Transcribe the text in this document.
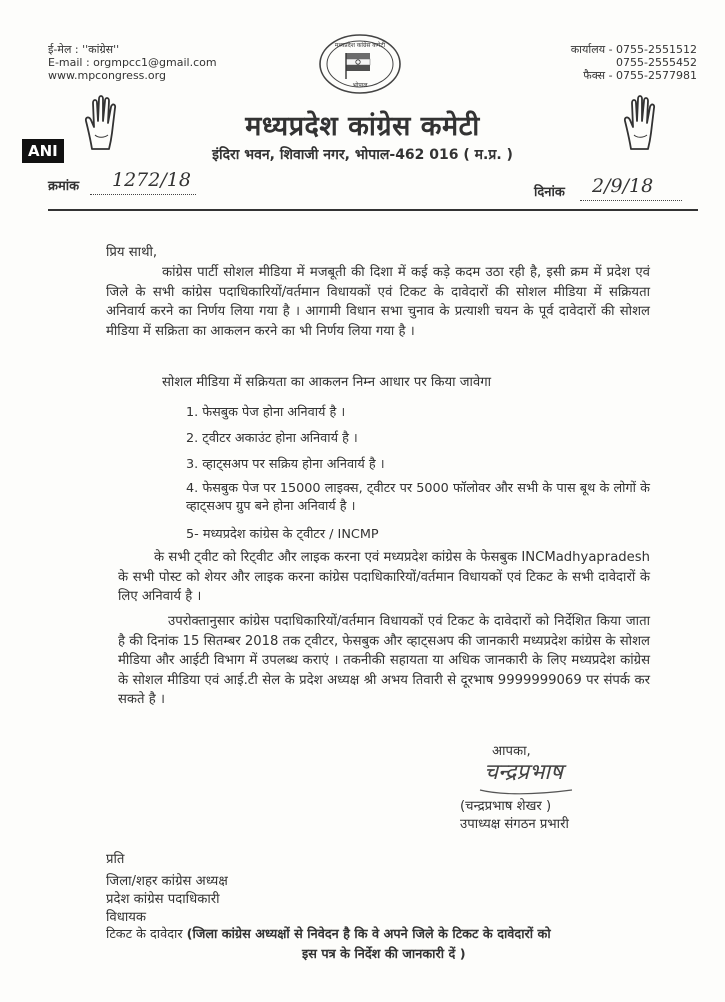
ई-मेल : ''कांग्रेस''
E-mail : orgmpcc1@gmail.com
www.mpcongress.org
कार्यालय - 0755-2551512
0755-2555452
फैक्स - 0755-2577981
मध्यप्रदेश कांग्रेस कमेटी
भोपाल
ANI
मध्यप्रदेश कांग्रेस कमेटी
इंदिरा भवन, शिवाजी नगर, भोपाल-462 016 ( म.प्र. )
क्रमांक 1272/18
दिनांक 2/9/18
प्रिय साथी,
कांग्रेस पार्टी सोशल मीडिया में मजबूती की दिशा में कई कड़े कदम उठा रही है, इसी क्रम में प्रदेश एवं जिले के सभी कांग्रेस पदाधिकारियों/वर्तमान विधायकों एवं टिकट के दावेदारों की सोशल मीडिया में सक्रियता अनिवार्य करने का निर्णय लिया गया है । आगामी विधान सभा चुनाव के प्रत्याशी चयन के पूर्व दावेदारों की सोशल मीडिया में सक्रिता का आकलन करने का भी निर्णय लिया गया है ।
सोशल मीडिया में सक्रियता का आकलन निम्न आधार पर किया जावेगा
1. फेसबुक पेज होना अनिवार्य है ।
2. ट्वीटर अकाउंट होना अनिवार्य है ।
3. व्हाट्सअप पर सक्रिय होना अनिवार्य है ।
4. फेसबुक पेज पर 15000 लाइक्स, ट्वीटर पर 5000 फॉलोवर और सभी के पास बूथ के लोगों के व्हाट्सअप ग्रुप बने होना अनिवार्य है ।
5- मध्यप्रदेश कांग्रेस के ट्वीटर / INCMP
के सभी ट्वीट को रिट्वीट और लाइक करना एवं मध्यप्रदेश कांग्रेस के फेसबुक INCMadhyapradesh के सभी पोस्ट को शेयर और लाइक करना कांग्रेस पदाधिकारियों/वर्तमान विधायकों एवं टिकट के सभी दावेदारों के लिए अनिवार्य है ।
उपरोक्तानुसार कांग्रेस पदाधिकारियों/वर्तमान विधायकों एवं टिकट के दावेदारों को निर्देशित किया जाता है की दिनांक 15 सितम्बर 2018 तक ट्वीटर, फेसबुक और व्हाट्सअप की जानकारी मध्यप्रदेश कांग्रेस के सोशल मीडिया और आईटी विभाग में उपलब्ध कराएं । तकनीकी सहायता या अधिक जानकारी के लिए मध्यप्रदेश कांग्रेस के सोशल मीडिया एवं आई.टी सेल के प्रदेश अध्यक्ष श्री अभय तिवारी से दूरभाष 9999999069 पर संपर्क कर सकते है ।
आपका,
चन्द्रप्रभाष
(चन्द्रप्रभाष शेखर )
उपाध्यक्ष संगठन प्रभारी
प्रति
जिला/शहर कांग्रेस अध्यक्ष
प्रदेश कांग्रेस पदाधिकारी
विधायक
टिकट के दावेदार (जिला कांग्रेस अध्यक्षों से निवेदन है कि वे अपने जिले के टिकट के दावेदारों को
इस पत्र के निर्देश की जानकारी दें )
